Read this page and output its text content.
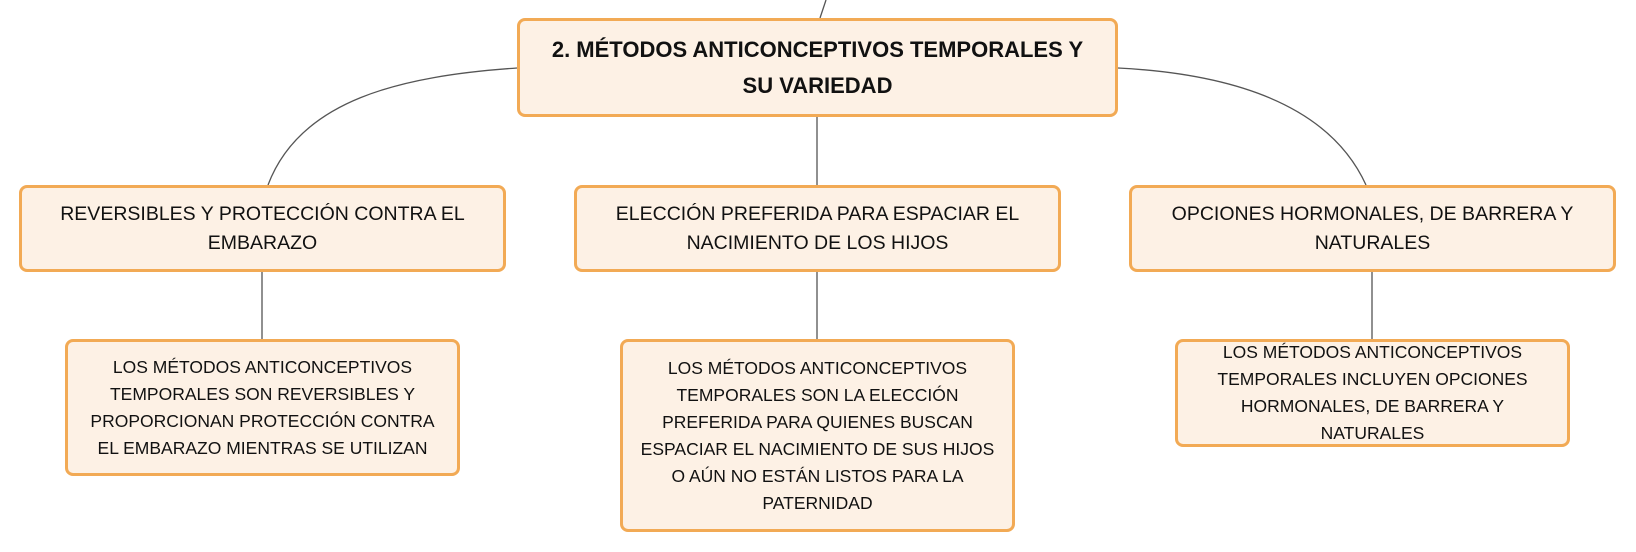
2. MÉTODOS ANTICONCEPTIVOS TEMPORALES Y SU VARIEDAD
REVERSIBLES Y PROTECCIÓN CONTRA EL EMBARAZO
ELECCIÓN PREFERIDA PARA ESPACIAR EL NACIMIENTO DE LOS HIJOS
OPCIONES HORMONALES, DE BARRERA Y NATURALES
LOS MÉTODOS ANTICONCEPTIVOS TEMPORALES SON REVERSIBLES Y PROPORCIONAN PROTECCIÓN CONTRA EL EMBARAZO MIENTRAS SE UTILIZAN
LOS MÉTODOS ANTICONCEPTIVOS TEMPORALES SON LA ELECCIÓN PREFERIDA PARA QUIENES BUSCAN ESPACIAR EL NACIMIENTO DE SUS HIJOS O AÚN NO ESTÁN LISTOS PARA LA PATERNIDAD
LOS MÉTODOS ANTICONCEPTIVOS TEMPORALES INCLUYEN OPCIONES HORMONALES, DE BARRERA Y NATURALES
